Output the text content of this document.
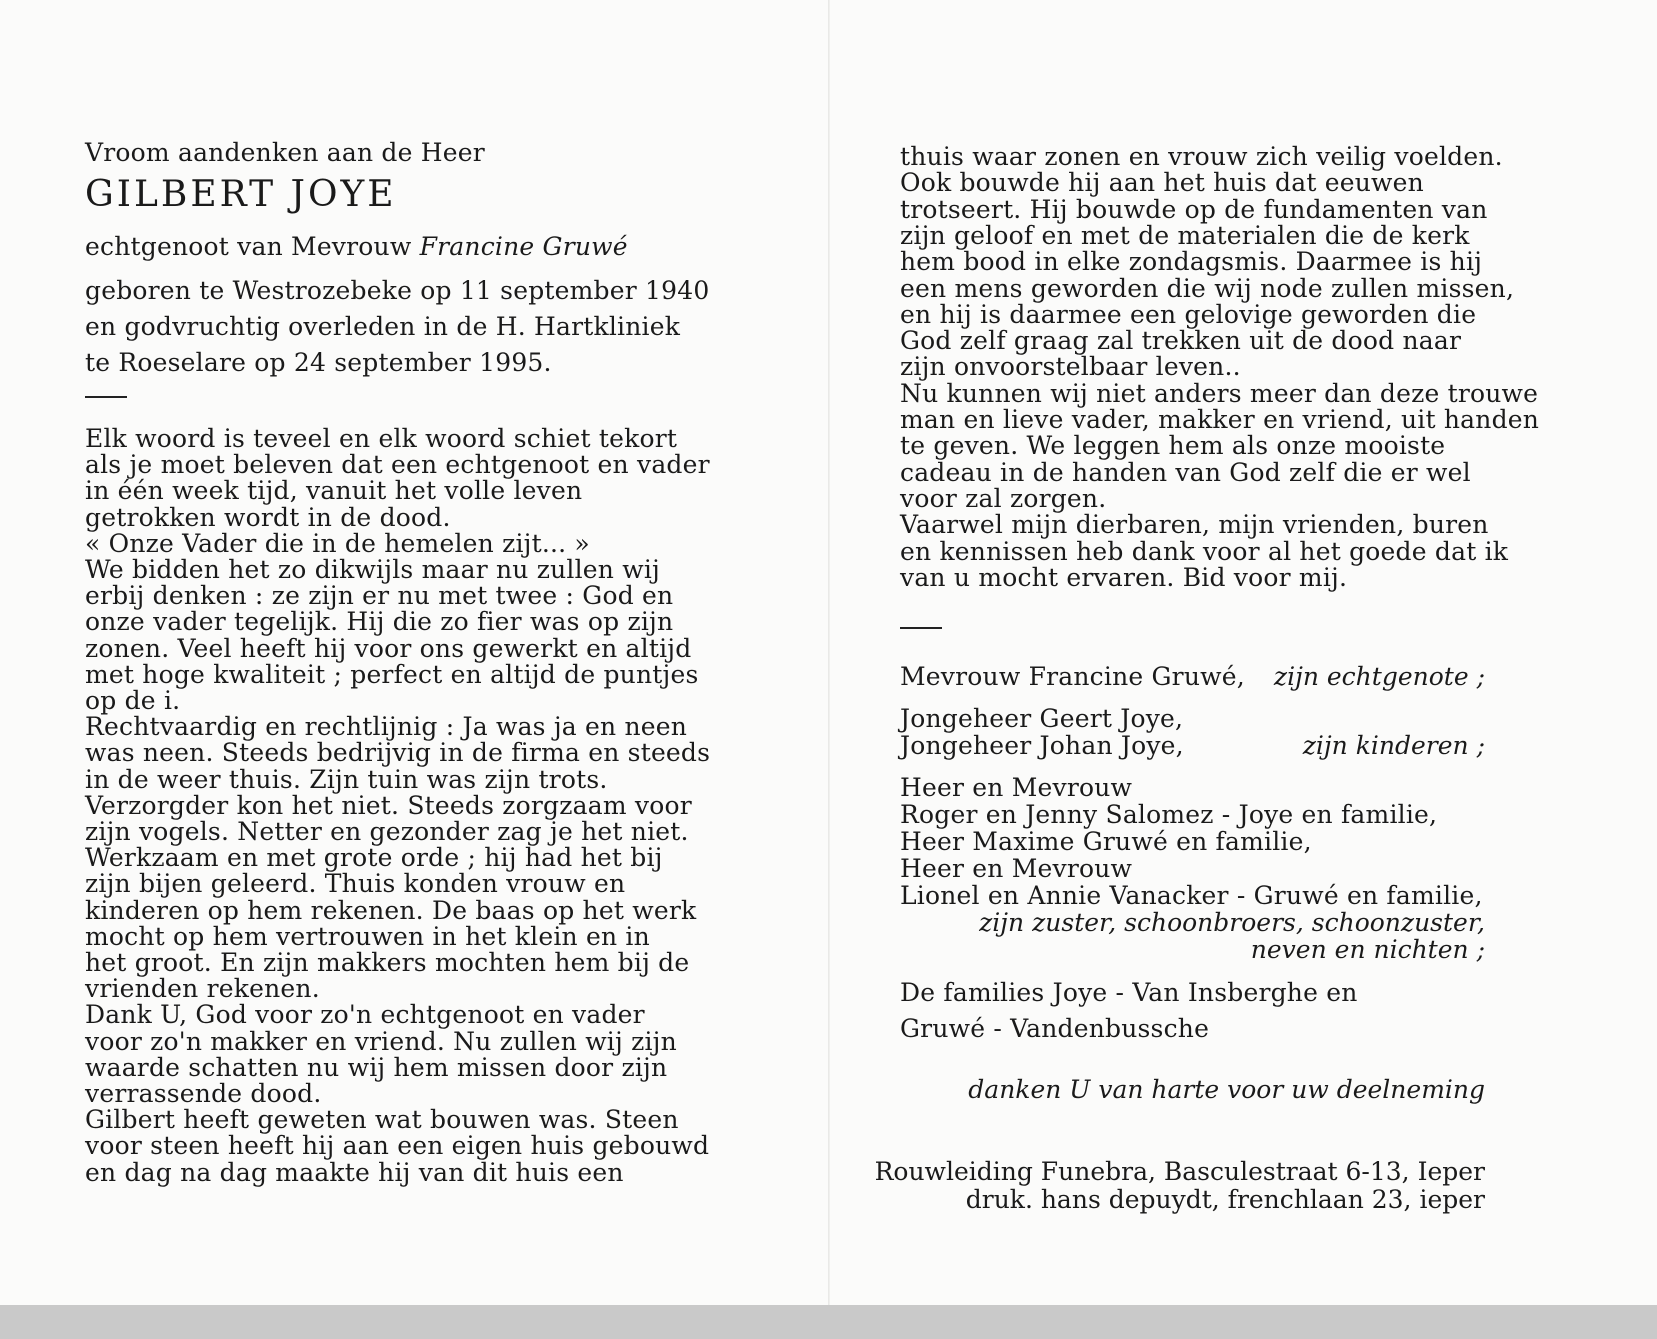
Vroom aandenken aan de Heer
GILBERT JOYE
echtgenoot van Mevrouw Francine Gruwé
geboren te Westrozebeke op 11 september 1940
en godvruchtig overleden in de H. Hartkliniek
te Roeselare op 24 september 1995.
Elk woord is teveel en elk woord schiet tekort
als je moet beleven dat een echtgenoot en vader
in één week tijd, vanuit het volle leven
getrokken wordt in de dood.
« Onze Vader die in de hemelen zijt... »
We bidden het zo dikwijls maar nu zullen wij
erbij denken : ze zijn er nu met twee : God en
onze vader tegelijk. Hij die zo fier was op zijn
zonen. Veel heeft hij voor ons gewerkt en altijd
met hoge kwaliteit ; perfect en altijd de puntjes
op de i.
Rechtvaardig en rechtlijnig : Ja was ja en neen
was neen. Steeds bedrijvig in de firma en steeds
in de weer thuis. Zijn tuin was zijn trots.
Verzorgder kon het niet. Steeds zorgzaam voor
zijn vogels. Netter en gezonder zag je het niet.
Werkzaam en met grote orde ; hij had het bij
zijn bijen geleerd. Thuis konden vrouw en
kinderen op hem rekenen. De baas op het werk
mocht op hem vertrouwen in het klein en in
het groot. En zijn makkers mochten hem bij de
vrienden rekenen.
Dank U, God voor zo'n echtgenoot en vader
voor zo'n makker en vriend. Nu zullen wij zijn
waarde schatten nu wij hem missen door zijn
verrassende dood.
Gilbert heeft geweten wat bouwen was. Steen
voor steen heeft hij aan een eigen huis gebouwd
en dag na dag maakte hij van dit huis een
thuis waar zonen en vrouw zich veilig voelden.
Ook bouwde hij aan het huis dat eeuwen
trotseert. Hij bouwde op de fundamenten van
zijn geloof en met de materialen die de kerk
hem bood in elke zondagsmis. Daarmee is hij
een mens geworden die wij node zullen missen,
en hij is daarmee een gelovige geworden die
God zelf graag zal trekken uit de dood naar
zijn onvoorstelbaar leven..
Nu kunnen wij niet anders meer dan deze trouwe
man en lieve vader, makker en vriend, uit handen
te geven. We leggen hem als onze mooiste
cadeau in de handen van God zelf die er wel
voor zal zorgen.
Vaarwel mijn dierbaren, mijn vrienden, buren
en kennissen heb dank voor al het goede dat ik
van u mocht ervaren. Bid voor mij.
Mevrouw Francine Gruwé, zijn echtgenote ;
Jongeheer Geert Joye,
Jongeheer Johan Joye,	zijn kinderen ;
Heer en Mevrouw
Roger en Jenny Salomez - Joye en familie,
Heer Maxime Gruwé en familie,
Heer en Mevrouw
Lionel en Annie Vanacker - Gruwé en familie,
zijn zuster, schoonbroers, schoonzuster,
neven en nichten ;
De families Joye - Van Insberghe en
Gruwé - Vandenbussche
danken U van harte voor uw deelneming
Rouwleiding Funebra, Basculestraat 6-13, Ieper
druk. hans depuydt, frenchlaan 23, ieper
